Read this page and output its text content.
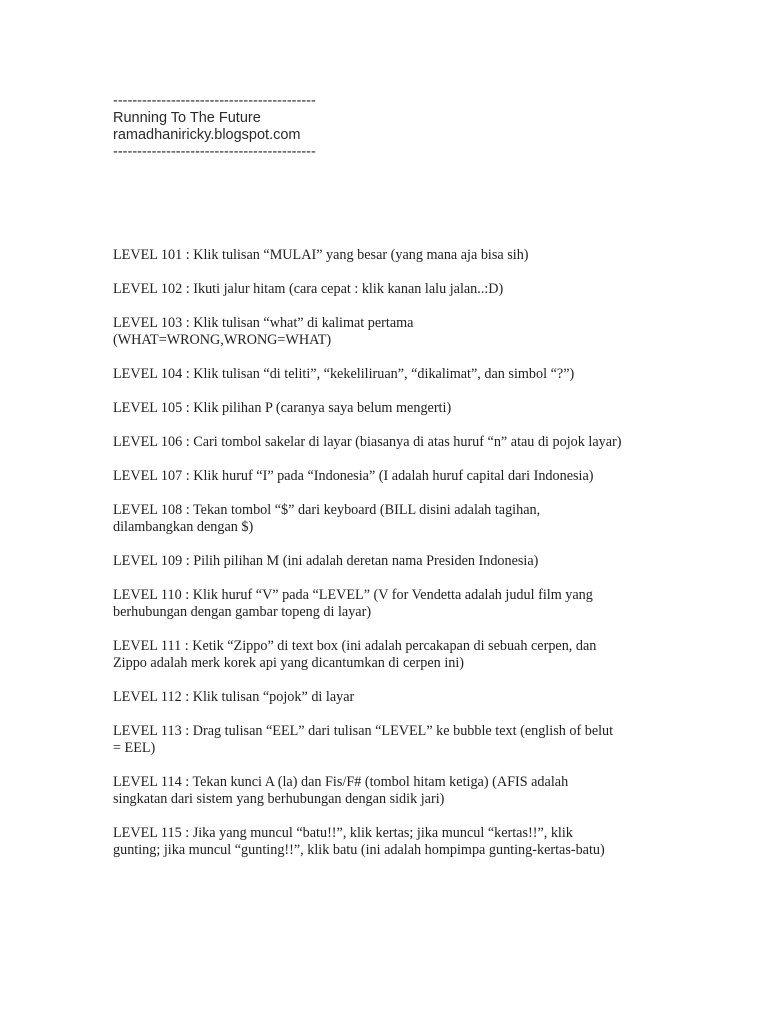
------------------------------------------
Running To The Future
ramadhaniricky.blogspot.com
------------------------------------------
LEVEL 101 : Klik tulisan “MULAI” yang besar (yang mana aja bisa sih)
LEVEL 102 : Ikuti jalur hitam (cara cepat : klik kanan lalu jalan..:D)
LEVEL 103 : Klik tulisan “what” di kalimat pertama
(WHAT=WRONG,WRONG=WHAT)
LEVEL 104 : Klik tulisan “di teliti”, “kekeliliruan”, “dikalimat”, dan simbol “?”)
LEVEL 105 : Klik pilihan P (caranya saya belum mengerti)
LEVEL 106 : Cari tombol sakelar di layar (biasanya di atas huruf “n” atau di pojok layar)
LEVEL 107 : Klik huruf “I” pada “Indonesia” (I adalah huruf capital dari Indonesia)
LEVEL 108 : Tekan tombol “$” dari keyboard (BILL disini adalah tagihan,
dilambangkan dengan $)
LEVEL 109 : Pilih pilihan M (ini adalah deretan nama Presiden Indonesia)
LEVEL 110 : Klik huruf “V” pada “LEVEL” (V for Vendetta adalah judul film yang
berhubungan dengan gambar topeng di layar)
LEVEL 111 : Ketik “Zippo” di text box (ini adalah percakapan di sebuah cerpen, dan
Zippo adalah merk korek api yang dicantumkan di cerpen ini)
LEVEL 112 : Klik tulisan “pojok” di layar
LEVEL 113 : Drag tulisan “EEL” dari tulisan “LEVEL” ke bubble text (english of belut
= EEL)
LEVEL 114 : Tekan kunci A (la) dan Fis/F# (tombol hitam ketiga) (AFIS adalah
singkatan dari sistem yang berhubungan dengan sidik jari)
LEVEL 115 : Jika yang muncul “batu!!”, klik kertas; jika muncul “kertas!!”, klik
gunting; jika muncul “gunting!!”, klik batu (ini adalah hompimpa gunting-kertas-batu)
